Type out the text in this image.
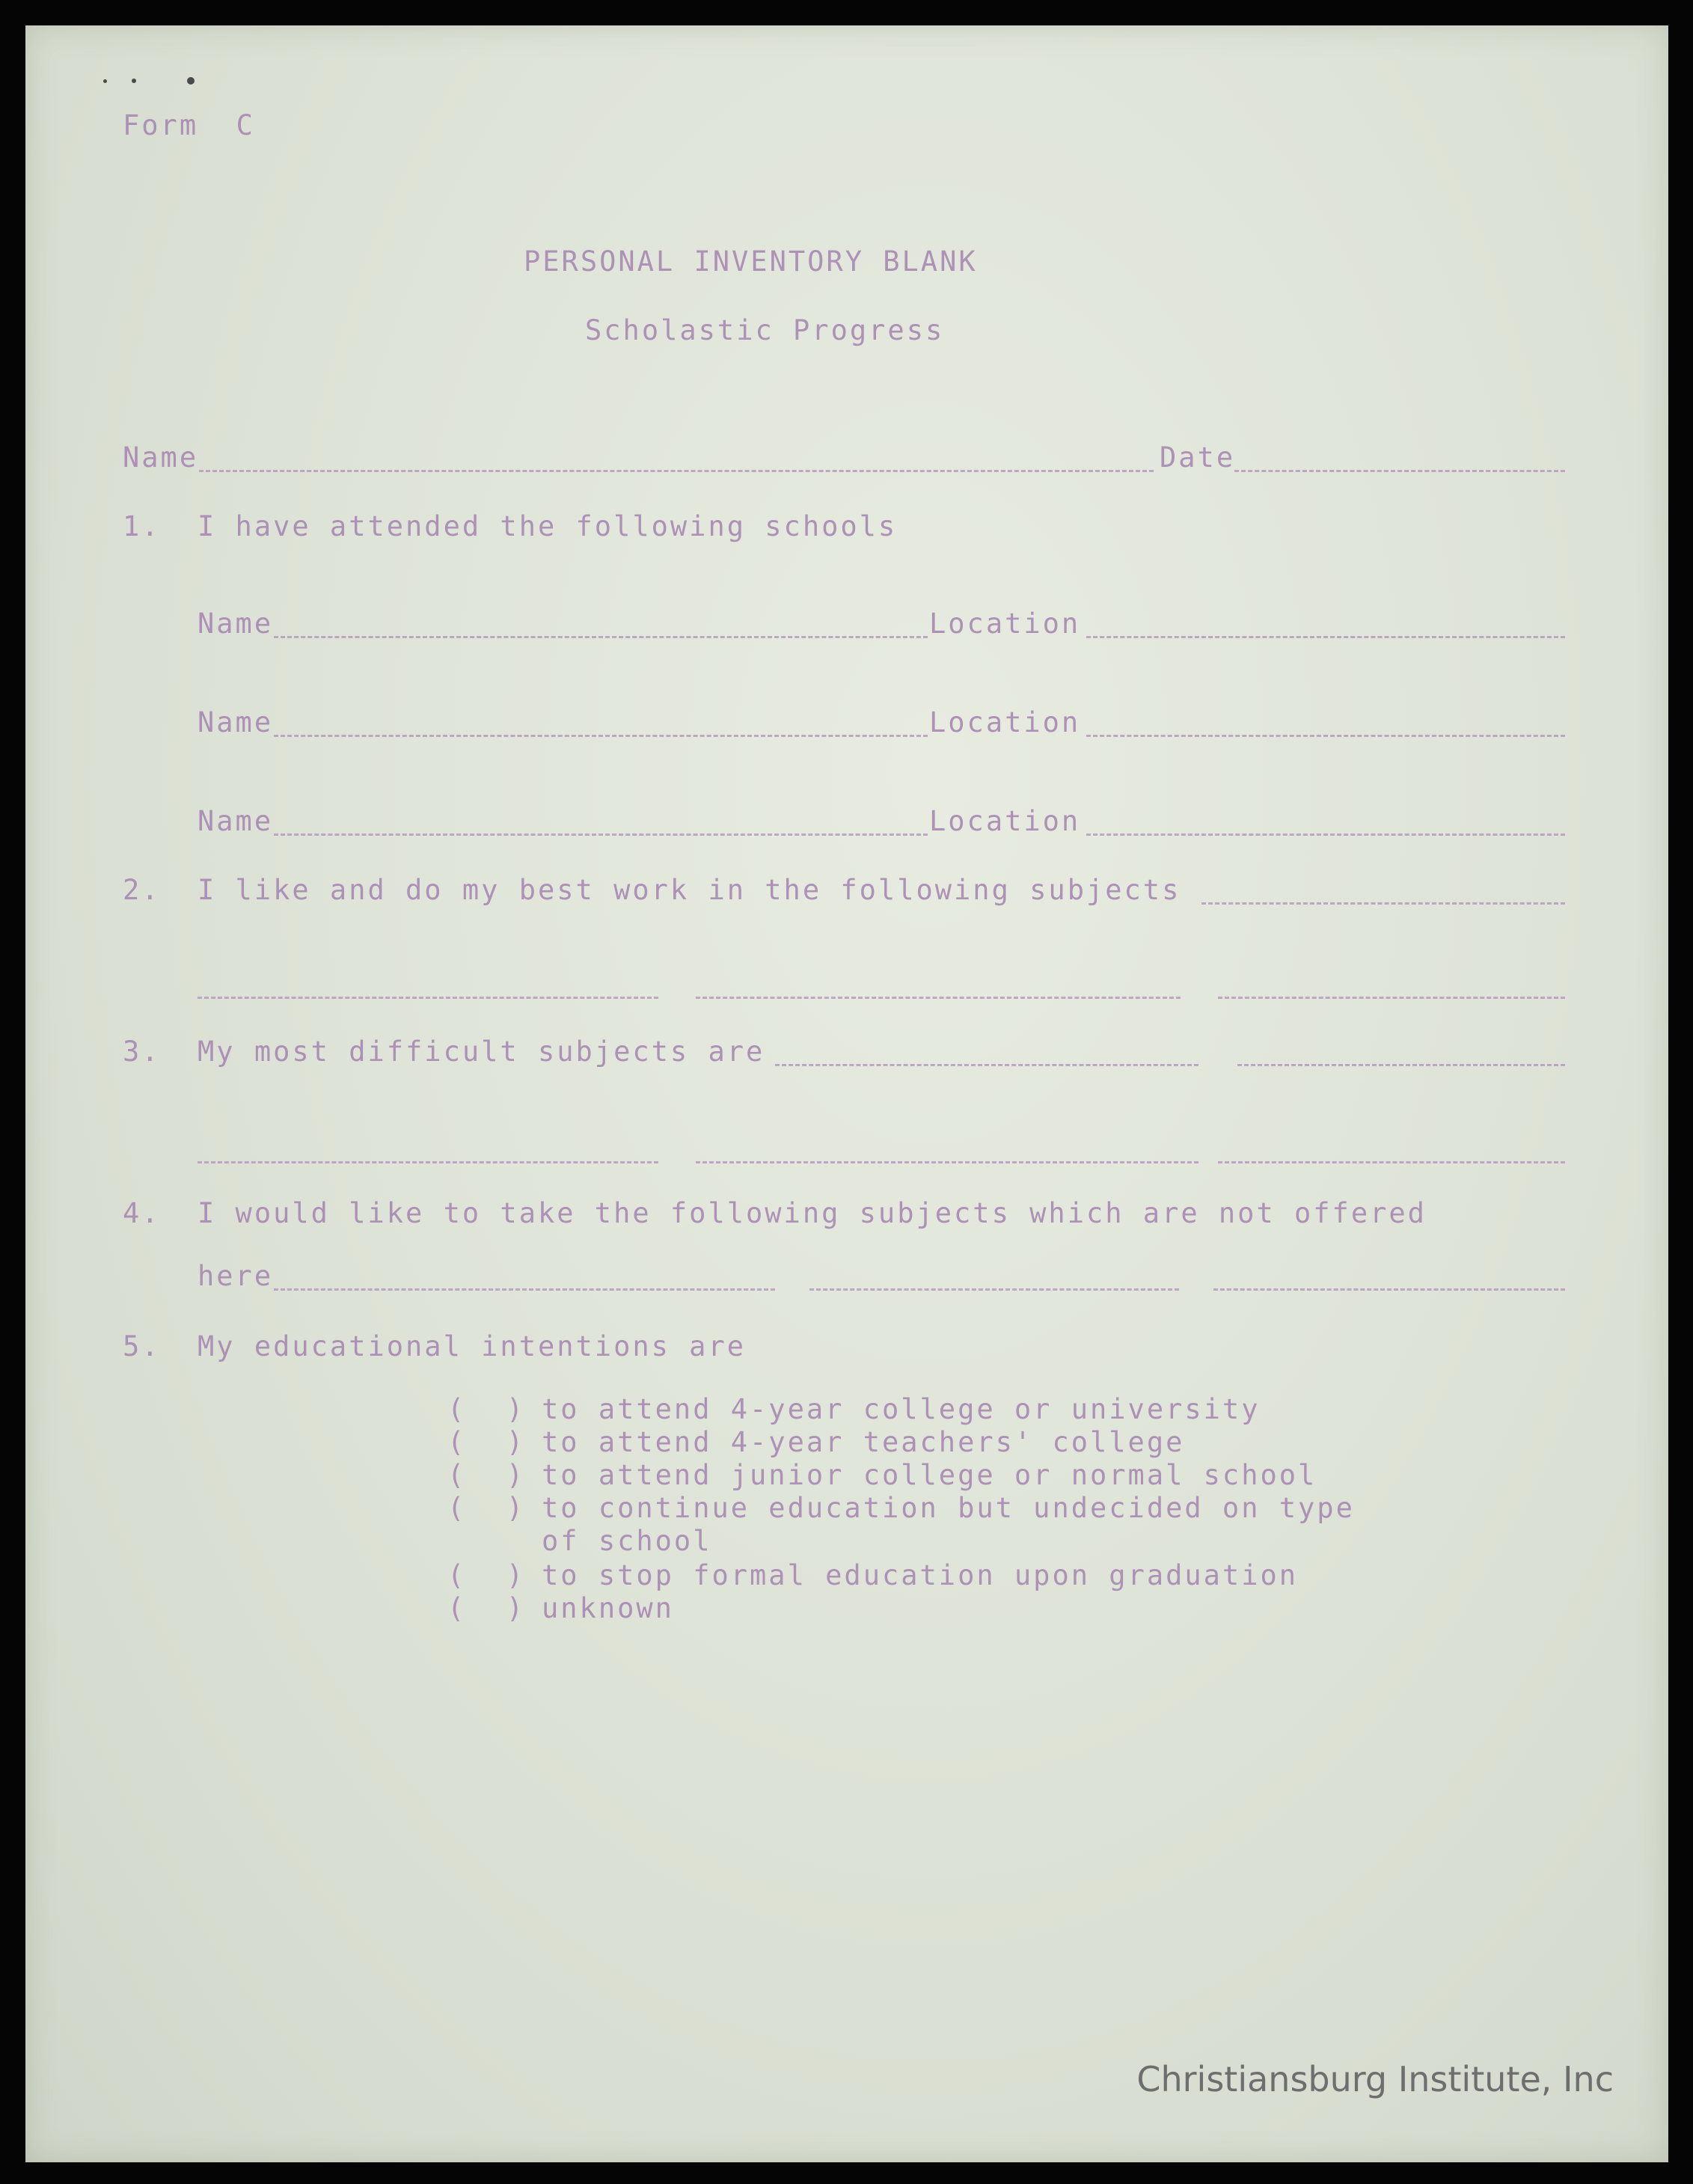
Form  C
PERSONAL INVENTORY BLANK
Scholastic Progress
Name	Date
1. I have attended the following schools
Name	Location
Name	Location
Name	Location
2. I like and do my best work in the following subjects
3. My most difficult subjects are
4. I would like to take the following subjects which are not offered
here
5. My educational intentions are
(  ) to attend 4-year college or university
(  ) to attend 4-year teachers' college
(  ) to attend junior college or normal school
(  ) to continue education but undecided on type
of school
(  ) to stop formal education upon graduation
(  ) unknown
Christiansburg Institute, Inc
